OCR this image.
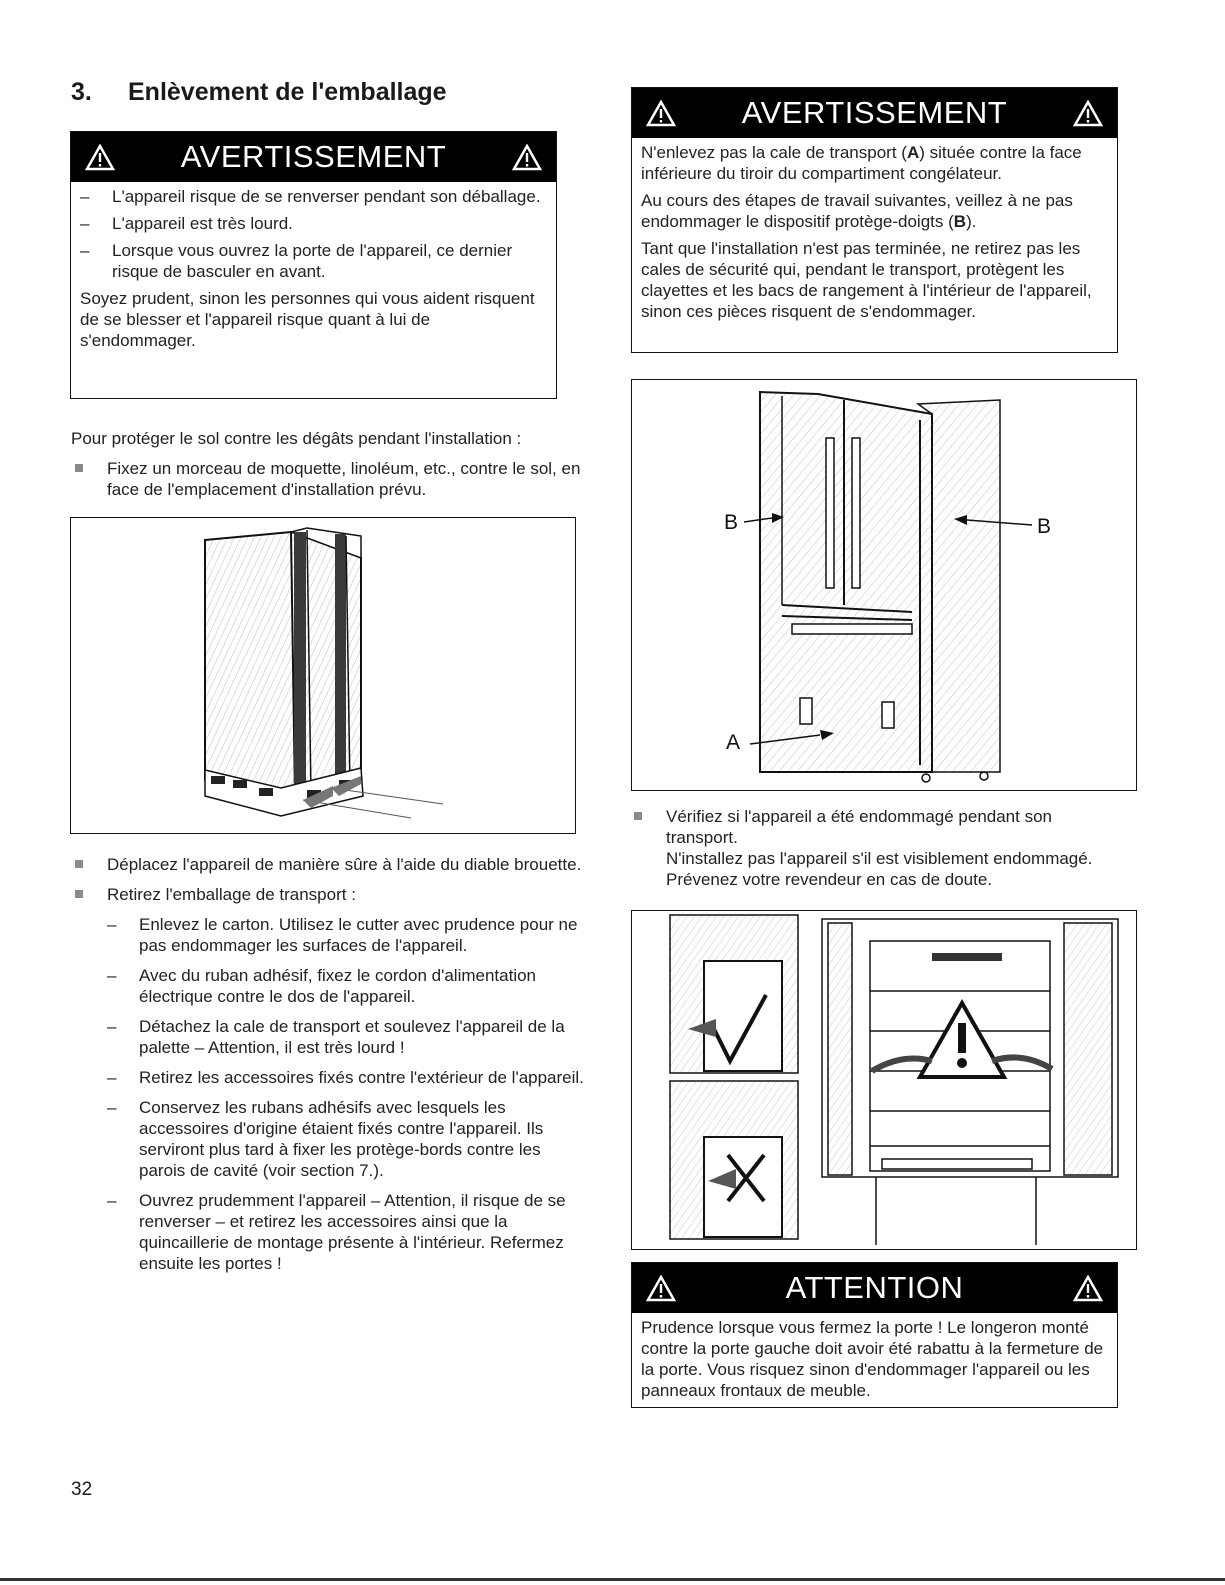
3. Enlèvement de l'emballage
AVERTISSEMENT
–	L'appareil risque de se renverser pendant son déballage.
–	L'appareil est très lourd.
–	Lorsque vous ouvrez la porte de l'appareil, ce dernier risque de basculer en avant.

Soyez prudent, sinon les personnes qui vous aident risquent de se blesser et l'appareil risque quant à lui de s'endommager.

Pour protéger le sol contre les dégâts pendant l'installation :
Fixez un morceau de moquette, linoléum, etc., contre le sol, en face de l'emplacement d'installation prévu.
Déplacez l'appareil de manière sûre à l'aide du diable brouette.
Retirez l'emballage de transport :
–	Enlevez le carton. Utilisez le cutter avec prudence pour ne pas endommager les surfaces de l'appareil.
–	Avec du ruban adhésif, fixez le cordon d'alimentation électrique contre le dos de l'appareil.
–	Détachez la cale de transport et soulevez l'appareil de la palette – Attention, il est très lourd !
–	Retirez les accessoires fixés contre l'extérieur de l'appareil.
–	Conservez les rubans adhésifs avec lesquels les accessoires d'origine étaient fixés contre l'appareil. Ils serviront plus tard à fixer les protège-bords contre les parois de cavité (voir section 7.).
–	Ouvrez prudemment l'appareil – Attention, il risque de se renverser – et retirez les accessoires ainsi que la quincaillerie de montage présente à l'intérieur. Refermez ensuite les portes !
AVERTISSEMENT

N'enlevez pas la cale de transport (A) située contre la face inférieure du tiroir du compartiment congélateur.

Au cours des étapes de travail suivantes, veillez à ne pas endommager le dispositif protège-doigts (B).

Tant que l'installation n'est pas terminée, ne retirez pas les cales de sécurité qui, pendant le transport, protègent les clayettes et les bacs de rangement à l'intérieur de l'appareil, sinon ces pièces risquent de s'endommager.

B	B
A
Vérifiez si l'appareil a été endommagé pendant son transport.
N'installez pas l'appareil s'il est visiblement endommagé. Prévenez votre revendeur en cas de doute.
ATTENTION

Prudence lorsque vous fermez la porte ! Le longeron monté contre la porte gauche doit avoir été rabattu à la fermeture de la porte. Vous risquez sinon d'endommager l'appareil ou les panneaux frontaux de meuble.

32
